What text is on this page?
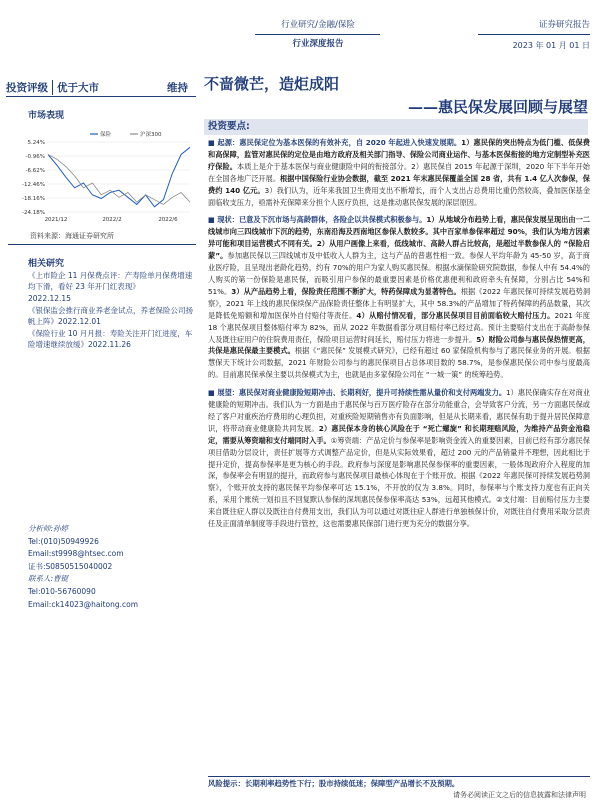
行业研究/金融/保险
行业深度报告
证券研究报告
2023 年 01 月 01 日
投资评级 优于大市	维持	不啬微芒，造炬成阳
——惠民保发展回顾与展望
市场表现
5.24%
-0.96%
-6.62%
-12.46%
-18.16%
-24.18%
2021/12	2022/2	2022/6
保险	沪深300
资料来源：海通证券研究所
相关研究

《上市险企 11 月保费点评：产寿险单月保费增速均下滑，看好 23 年开门红表现》

2022.12.15

《银保监会推行商业养老金试点，养老保险公司扬帆上阵》2022.12.01

《保险行业 10 月月报：寿险关注开门红进度，车险增速继续放缓》2022.11.26

分析师:孙婷
Tel:(010)50949926
Email:st9998@htsec.com
证书:S0850515040002
联系人:曹锟
Tel:010-56760090
Email:ck14023@haitong.com
投资要点:

■ 起源：惠民保定位为基本医保的有效补充，自 2020 年起进入快速发展期。1）惠民保的突出特点为低门槛、低保费和高保障，监管对惠民保的定位是由地方政府及相关部门指导、保险公司商业运作、与基本医保衔接的地方定制型补充医疗保险。本质上是介于基本医保与商业健康险中间的衔接部分。2）惠民保自 2015 年起源于深圳，2020 年下半年开始在全国各地广泛开展。根据中国保险行业协会数据，截至 2021 年末惠民保覆盖全国 28 省，共有 1.4 亿人次参保，保费约 140 亿元。3）我们认为，近年来我国卫生费用支出不断增长，而个人支出占总费用比重仍然较高，叠加医保基金面临收支压力，亟需补充保障来分担个人医疗负担，这是推动惠民保发展的深层原因。

■ 现状：已意及下沉市场与高龄群体，各险企以共保模式积极参与。1）从地域分布趋势上看，惠民保发展呈现出由一二线城市向三四线城市下沉的趋势，东南沿海及西南地区参保人数较多。其中百家单参保率超过 90%，我们认为地方因素异可能和项目运营模式不同有关。2）从用户画像上来看，低线城市、高龄人群占比较高，是超过半数参保人的 “保险启蒙”。参加惠民保以三四线城市及中低收入人群为主，这与产品的普惠性相一致。参保人平均年龄为 45-50 岁，高于商业医疗险，且呈现出老龄化趋势，约有 70%的用户为家人购买惠民保。根据水滴保险研究院数据，参保人中有 54.4%的人购买的第一份保险是惠民保，而吸引用户参保的最重要因素是价格优惠便利和政府牵头有保障，分别占比 54%和 51%。3）从产品趋势上看，保险责任范围不断扩大，特药保障成为显著特色。根据《2022 年惠民保可持续发展趋势洞察》，2021 年上线的惠民保续保产品保险责任整体上有明显扩大，其中 58.3%的产品增加了特药保障的药品数量，其次是降低免赔额和增加医保外自付赔付等责任。4）从赔付情况看，部分惠民保项目目前面临较大赔付压力。2021 年度 18 个惠民保项目整体赔付率为 82%，而从 2022 年数据看部分项目赔付率已经过高。预计主要赔付支出在于高龄参保人及既往症用户的住院费用责任，保险项目运营时间延长，赔付压力将进一步提升。5）财险公司参与惠民保热情更高，共保是惠民保最主要模式。根据《“惠民保” 发展模式研究》，已经有超过 60 家保险机构参与了惠民保业务的开展。根据慧保天下统计公司数据，2021 年财险公司参与的惠民保项目占总体项目数的 58.7%，是参保惠民保公司中参与度最高的。目前惠民保承保主要以共保模式为主，也就是由多家保险公司在 “一城一策” 的统筹趋势。

■ 展望：惠民保对商业健康险短期冲击、长期利好，提升可持续性需从量价和支付两端发力。1）惠民保确实存在对商业健康险的短期冲击。我们认为一方面是由于惠民保与百万医疗险存在部分功能重合，会导致客户分流，另一方面惠民保或经了客户对重疾治疗费用的心理负担，对重疾险短期销售亦有负面影响，但是从长期来看，惠民保有助于提升居民保障意识，将带动商业健康险共同发展。2）惠民保本身的核心风险在于 “死亡螺旋” 和长期理赔风险，为维持产品资金池稳定，需要从筹资端和支付端同时入手。①筹资端：产品定价与参保率是影响资金流入的重要因素，目前已经有部分惠民保项目借助分层设计，责任扩展等方式调整产品定价，但是从实际效果看，超过 200 元的产品销量并不理想，因此相比于提升定价，提高参保率是更为核心的手段。政府参与深度是影响惠民保参保率的重要因素，一般体现政府介入程度的加深，参保率会有明显的提升，而政府参与惠民保项目最核心体现在于个账开放。根据《2022 年惠民保可持续发展趋势洞察》，个账开放支持的惠民保平均参保率可达 15.1%，不开放的仅为 3.8%。同时，参保率与个账支持力度也有正向关系，采用个账统一划扣且不回复默认参保的深圳惠民保参保率高达 53%，远超其他模式。②支付端：目前赔付压力主要来自既往症人群以及既往自付费用支出，我们认为可以通过对既往症人群进行单独核保计价，对既往自付费用采取分层责任及正面清单制度等手段进行管控，这也需要惠民保部门进行更为充分的数据分享。

风险提示：长期利率趋势性下行；股市持续低迷；保障型产品增长不及预期。
请务必阅读正文之后的信息披露和法律声明
